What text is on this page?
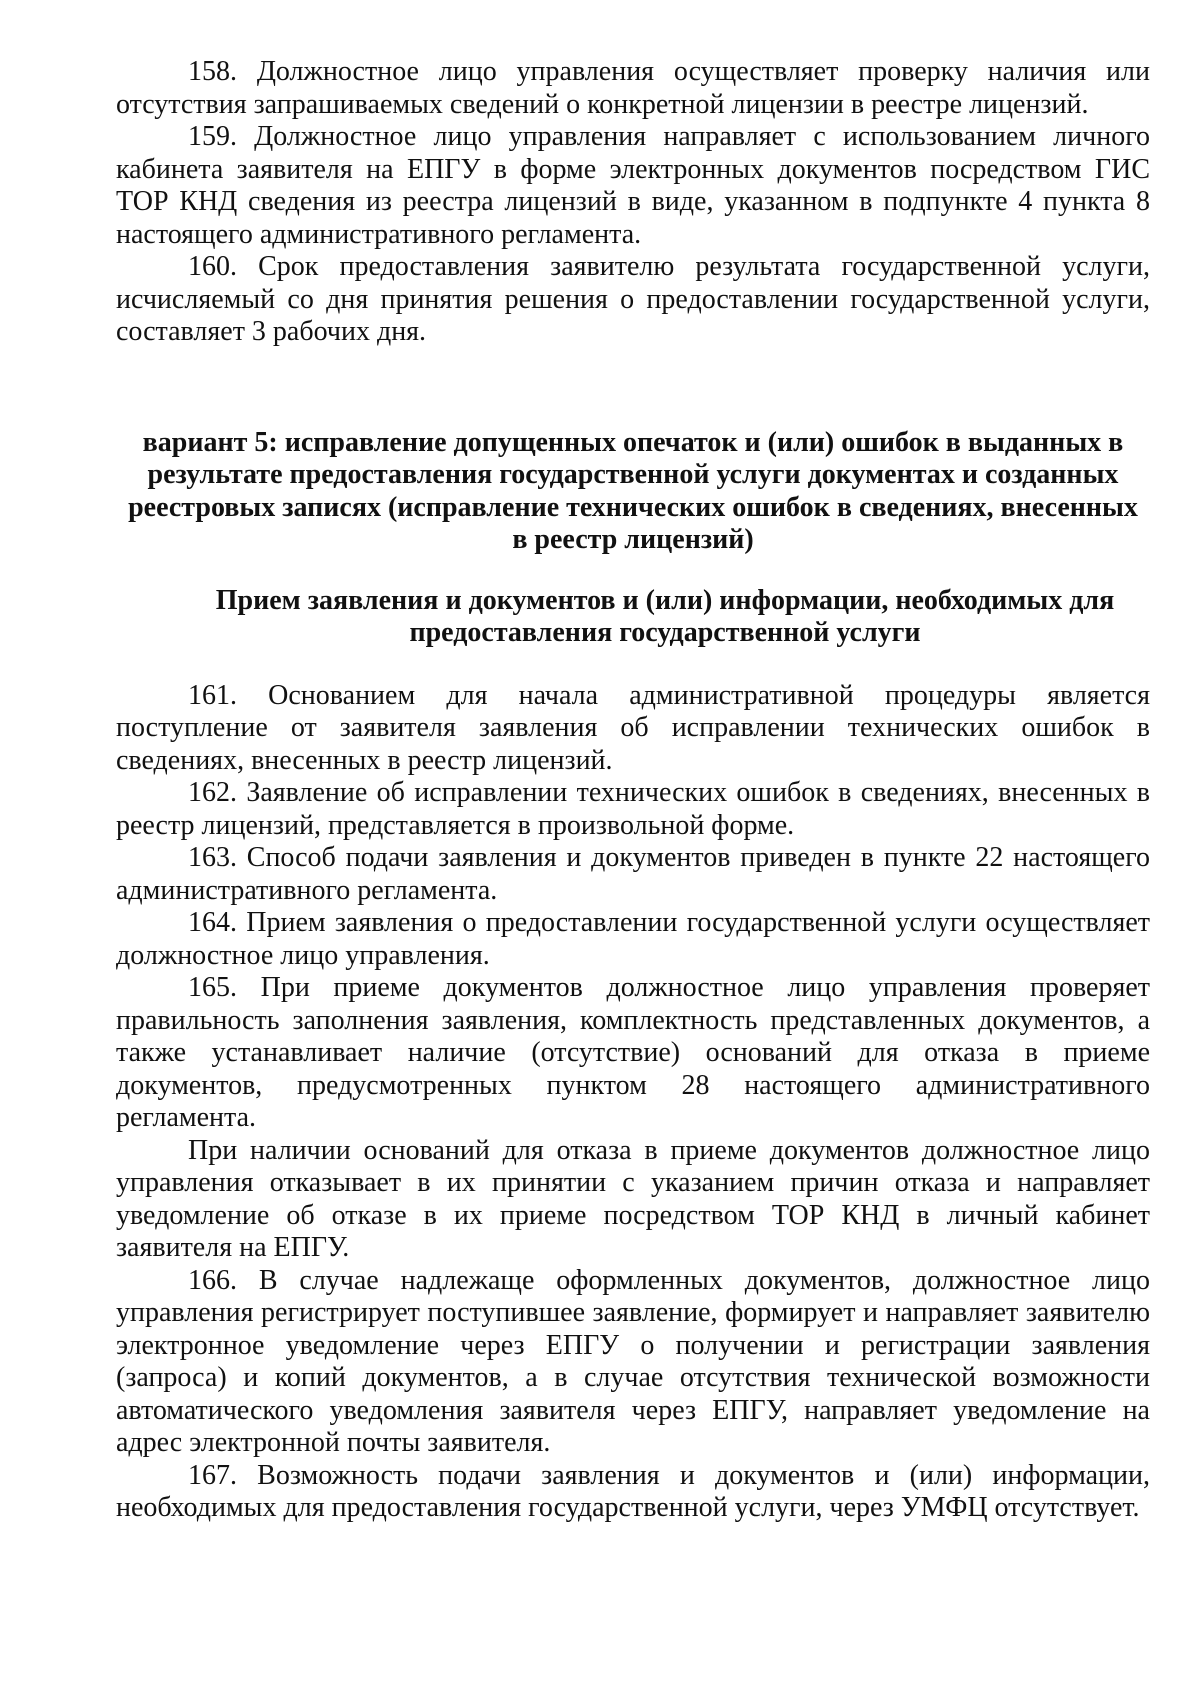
158. Должностное лицо управления осуществляет проверку наличия или отсутствия запрашиваемых сведений о конкретной лицензии в реестре лицензий.

159. Должностное лицо управления направляет с использованием личного кабинета заявителя на ЕПГУ в форме электронных документов посредством ГИС ТОР КНД сведения из реестра лицензий в виде, указанном в подпункте 4 пункта 8 настоящего административного регламента.

160. Срок предоставления заявителю результата государственной услуги, исчисляемый со дня принятия решения о предоставлении государственной услуги, составляет 3 рабочих дня.

вариант 5: исправление допущенных опечаток и (или) ошибок в выданных в результате предоставления государственной услуги документах и созданных реестровых записях (исправление технических ошибок в сведениях, внесенных в реестр лицензий)
Прием заявления и документов и (или) информации, необходимых для предоставления государственной услуги

161. Основанием для начала административной процедуры является поступление от заявителя заявления об исправлении технических ошибок в сведениях, внесенных в реестр лицензий.

162. Заявление об исправлении технических ошибок в сведениях, внесенных в реестр лицензий, представляется в произвольной форме.

163. Способ подачи заявления и документов приведен в пункте 22 настоящего административного регламента.

164. Прием заявления о предоставлении государственной услуги осуществляет должностное лицо управления.

165. При приеме документов должностное лицо управления проверяет правильность заполнения заявления, комплектность представленных документов, а также устанавливает наличие (отсутствие) оснований для отказа в приеме документов, предусмотренных пунктом 28 настоящего административного регламента.

При наличии оснований для отказа в приеме документов должностное лицо управления отказывает в их принятии с указанием причин отказа и направляет уведомление об отказе в их приеме посредством ТОР КНД в личный кабинет заявителя на ЕПГУ.

166. В случае надлежаще оформленных документов, должностное лицо управления регистрирует поступившее заявление, формирует и направляет заявителю электронное уведомление через ЕПГУ о получении и регистрации заявления (запроса) и копий документов, а в случае отсутствия технической возможности автоматического уведомления заявителя через ЕПГУ, направляет уведомление на адрес электронной почты заявителя.

167. Возможность подачи заявления и документов и (или) информации, необходимых для предоставления государственной услуги, через УМФЦ отсутствует.
